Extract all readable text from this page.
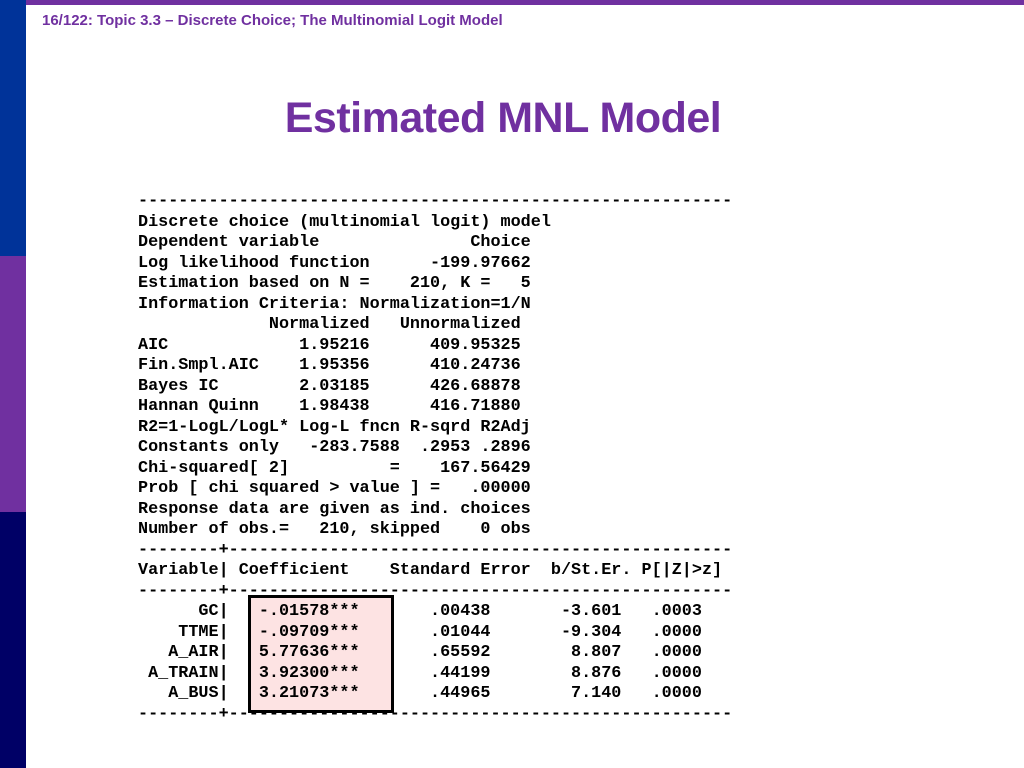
16/122: Topic 3.3 – Discrete Choice; The Multinomial Logit Model
Estimated MNL Model
-----------------------------------------------------------
Discrete choice (multinomial logit) model
Dependent variable               Choice
Log likelihood function      -199.97662
Estimation based on N =    210, K =   5
Information Criteria: Normalization=1/N
Normalized   Unnormalized
AIC             1.95216      409.95325
Fin.Smpl.AIC    1.95356      410.24736
Bayes IC        2.03185      426.68878
Hannan Quinn    1.98438      416.71880
R2=1-LogL/LogL* Log-L fncn R-sqrd R2Adj
Constants only   -283.7588  .2953 .2896
Chi-squared[ 2]          =    167.56429
Prob [ chi squared > value ] =   .00000
Response data are given as ind. choices
Number of obs.=   210, skipped    0 obs
--------+--------------------------------------------------
Variable| Coefficient    Standard Error  b/St.Er. P[|Z|>z]
--------+--------------------------------------------------
GC|   -.01578***       .00438       -3.601   .0003
TTME|   -.09709***       .01044       -9.304   .0000
A_AIR|   5.77636***       .65592        8.807   .0000
A_TRAIN|   3.92300***       .44199        8.876   .0000
A_BUS|   3.21073***       .44965        7.140   .0000
--------+--------------------------------------------------
